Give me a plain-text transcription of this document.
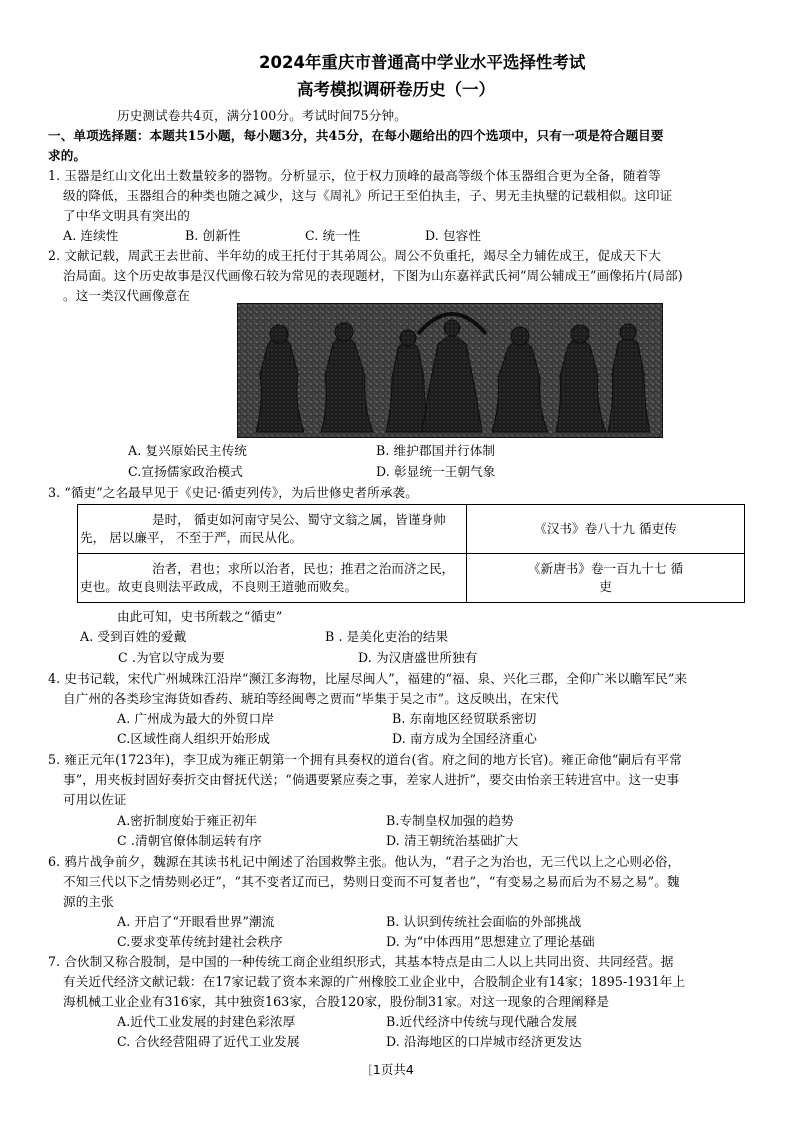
2024年重庆市普通高中学业水平选择性考试
高考模拟调研卷历史（一）
历史测试卷共4页，满分100分。考试时间75分钟。
一、单项选择题：本题共15小题，每小题3分，共45分，在每小题给出的四个选项中，只有一项是符合题目要
求的。
1. 玉器是红山文化出土数量较多的器物。分析显示，位于权力顶峰的最高等级个体玉器组合更为全备，随着等
级的降低，玉器组合的种类也随之减少，这与《周礼》所记王至伯执圭，子、男无圭执璧的记载相似。这印证
了中华文明具有突出的
A. 连续性	B. 创新性	C. 统一性	D. 包容性
2. 文献记载，周武王去世前、半年幼的成王托付于其弟周公。周公不负重托，竭尽全力辅佐成王，促成天下大
治局面。这个历史故事是汉代画像石较为常见的表现题材，下图为山东嘉祥武氏祠“周公辅成王”画像拓片(局部)
。这一类汉代画像意在
A. 复兴原始民主传统	B. 维护郡国并行体制
C.宣扬儒家政治模式	D. 彰显统一王朝气象
3. “循吏”之名最早见于《史记·循吏列传》，为后世修史者所承袭。
是时， 循吏如河南守吴公、蜀守文翁之属，皆谨身帅先， 居以廉平， 不至于严，而民从化。	《汉书》卷八十九 循吏传
治者，君也；求所以治者，民也；推君之治而济之民，吏也。故吏良则法平政成，不良则王道驰而败矣。	《新唐书》卷一百九十七 循吏
由此可知，史书所载之“循吏”
A. 受到百姓的爱戴	B . 是美化吏治的结果
C .为官以守成为要	D. 为汉唐盛世所独有
4. 史书记载，宋代广州城珠江沿岸“濒江多海物，比屋尽闽人”，福建的“福、泉、兴化三郡，全仰广米以瞻军民”来
自广州的各类珍宝海货如香药、琥珀等经闽粤之贾而“毕集于吴之市”。这反映出，在宋代
A. 广州成为最大的外贸口岸	B. 东南地区经贸联系密切
C.区域性商人组织开始形成	D. 南方成为全国经济重心
5. 雍正元年(1723年)，李卫成为雍正朝第一个拥有具奏权的道台(省。府之间的地方长官)。雍正命他“嗣后有平常
事”，用夹板封固好奏折交由督抚代送；“倘遇要紧应奏之事，差家人进折”，要交由怡亲王转进宫中。这一史事
可用以佐证
A.密折制度始于雍正初年	B.专制皇权加强的趋势
C .清朝官僚体制运转有序	D. 清王朝统治基础扩大
6. 鸦片战争前夕，魏源在其读书札记中阐述了治国救弊主张。他认为，“君子之为治也，无三代以上之心则必俗，
不知三代以下之情势则必迂”，“其不变者辽而已，势则日变而不可复者也”，“有变易之易而后为不易之易”。魏
源的主张
A. 开启了“开眼看世界”潮流	B. 认识到传统社会面临的外部挑战
C.要求变革传统封建社会秩序	D. 为“中体西用”思想建立了理论基础
7. 合伙制又称合股制，是中国的一种传统工商企业组织形式，其基本特点是由二人以上共同出资、共同经营。据
有关近代经济文献记载：在17家记载了资本来源的广州橡胶工业企业中，合股制企业有14家；1895-1931年上
海机械工业企业有316家，其中独资163家，合股120家，股份制31家。对这一现象的合理阐释是
A.近代工业发展的封建色彩浓厚	B.近代经济中传统与现代融合发展
C. 合伙经营阻碍了近代工业发展	D. 沿海地区的口岸城市经济更发达
[1页共4
